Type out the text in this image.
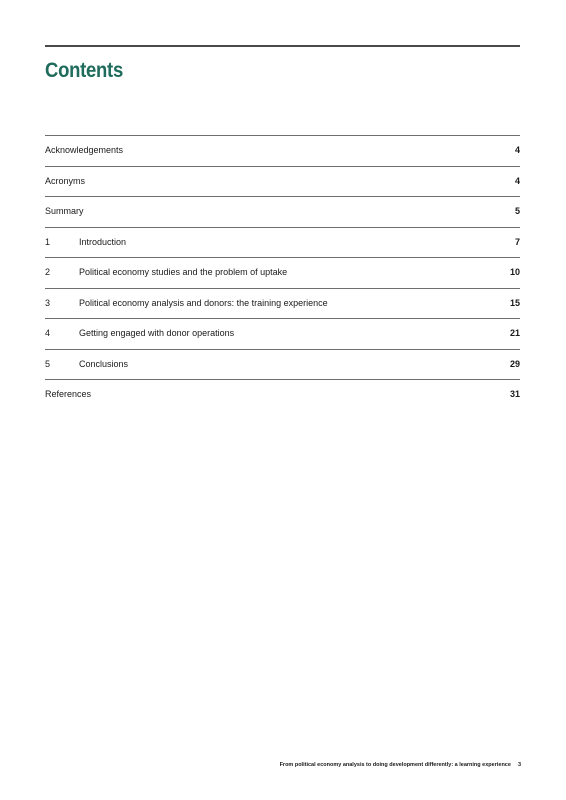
Contents
Acknowledgements	4
Acronyms	4
Summary	5
1	Introduction	7
2	Political economy studies and the problem of uptake	10
3	Political economy analysis and donors: the training experience	15
4	Getting engaged with donor operations	21
5	Conclusions	29
References	31
From political economy analysis to doing development differently: a learning experience 3
